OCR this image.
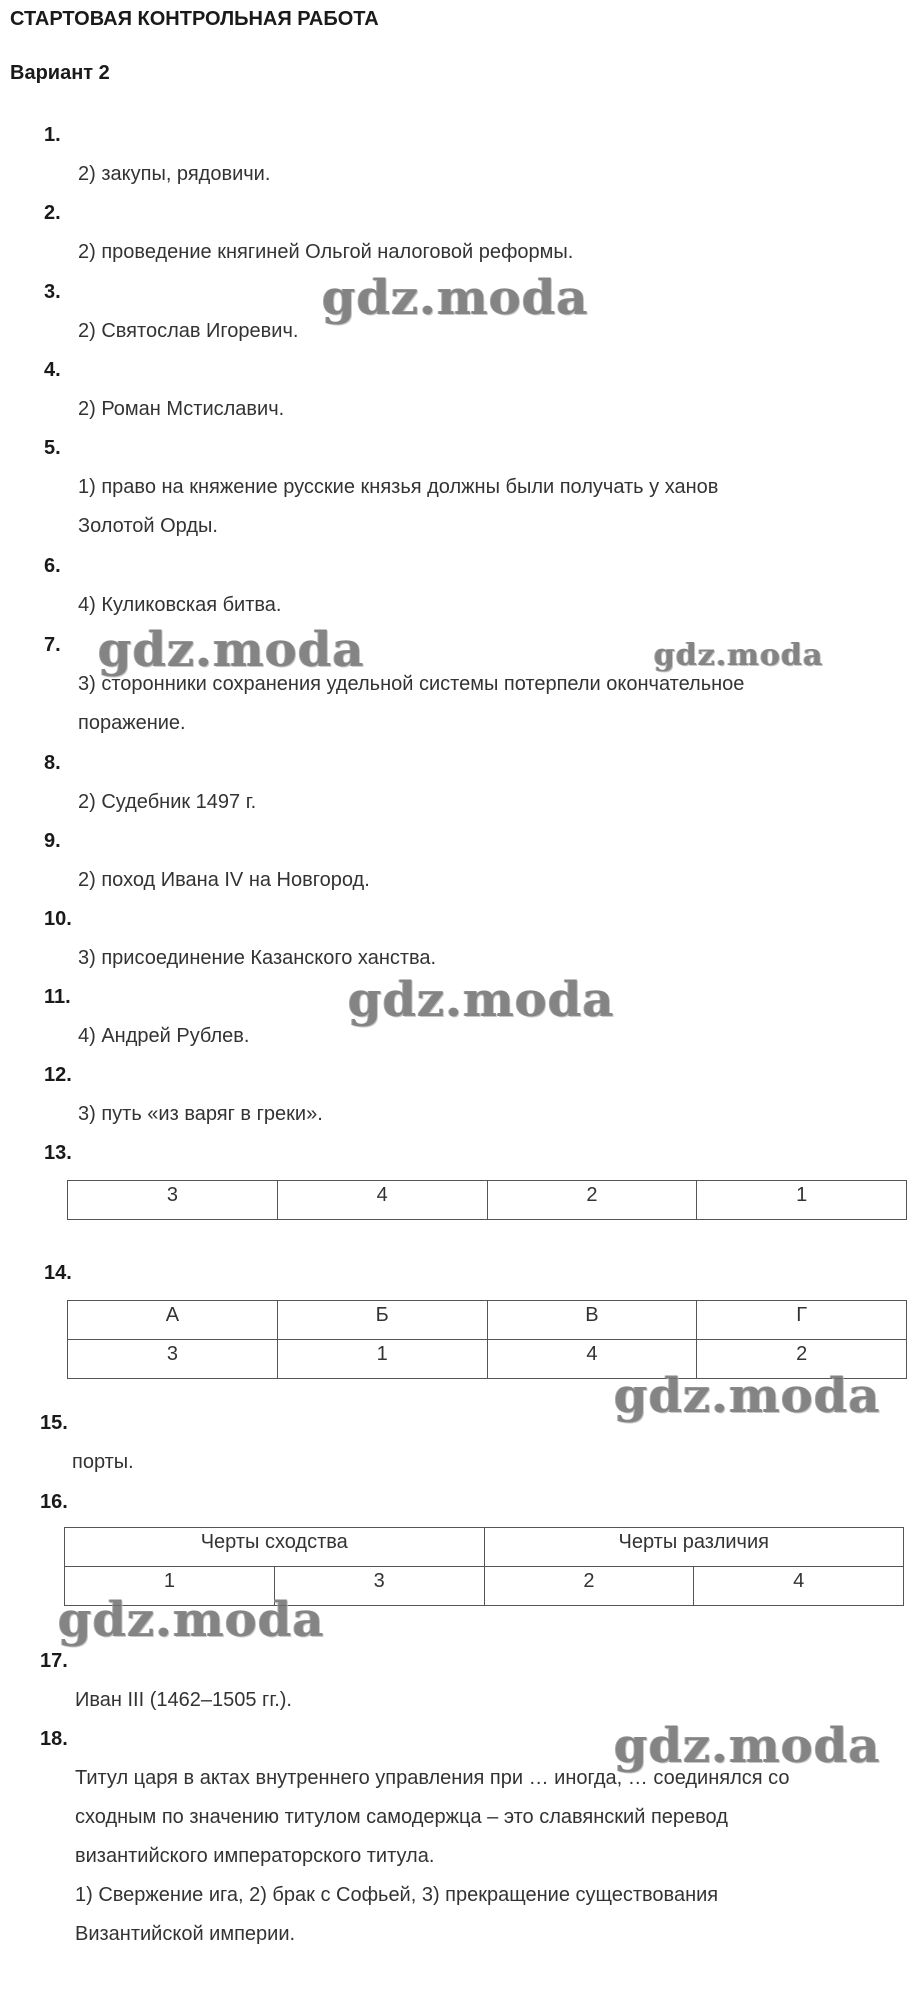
СТАРТОВАЯ КОНТРОЛЬНАЯ РАБОТА
Вариант 2
1.
2) закупы, рядовичи.
2.
2) проведение княгиней Ольгой налоговой реформы.
3.
2) Святослав Игоревич.
4.
2) Роман Мстиславич.
5.
1) право на княжение русские князья должны были получать у ханов
Золотой Орды.
6.
4) Куликовская битва.
7.
3) сторонники сохранения удельной системы потерпели окончательное
поражение.
8.
2) Судебник 1497 г.
9.
2) поход Ивана IV на Новгород.
10.
3) присоединение Казанского ханства.
11.
4) Андрей Рублев.
12.
3) путь «из варяг в греки».
13.
3	4	2	1
14.
А	Б	В	Г
3	1	4	2
15.
порты.
16.
Черты сходства		Черты различия	
1	3	2	4
17.
Иван III (1462–1505 гг.).
18.
Титул царя в актах внутреннего управления при … иногда, … соединялся со
сходным по значению титулом самодержца – это славянский перевод
византийского императорского титула.
1) Свержение ига, 2) брак с Софьей, 3) прекращение существования
Византийской империи.
gdz.moda
gdz.moda	gdz.moda
gdz.moda
gdz.moda
gdz.moda
gdz.moda
